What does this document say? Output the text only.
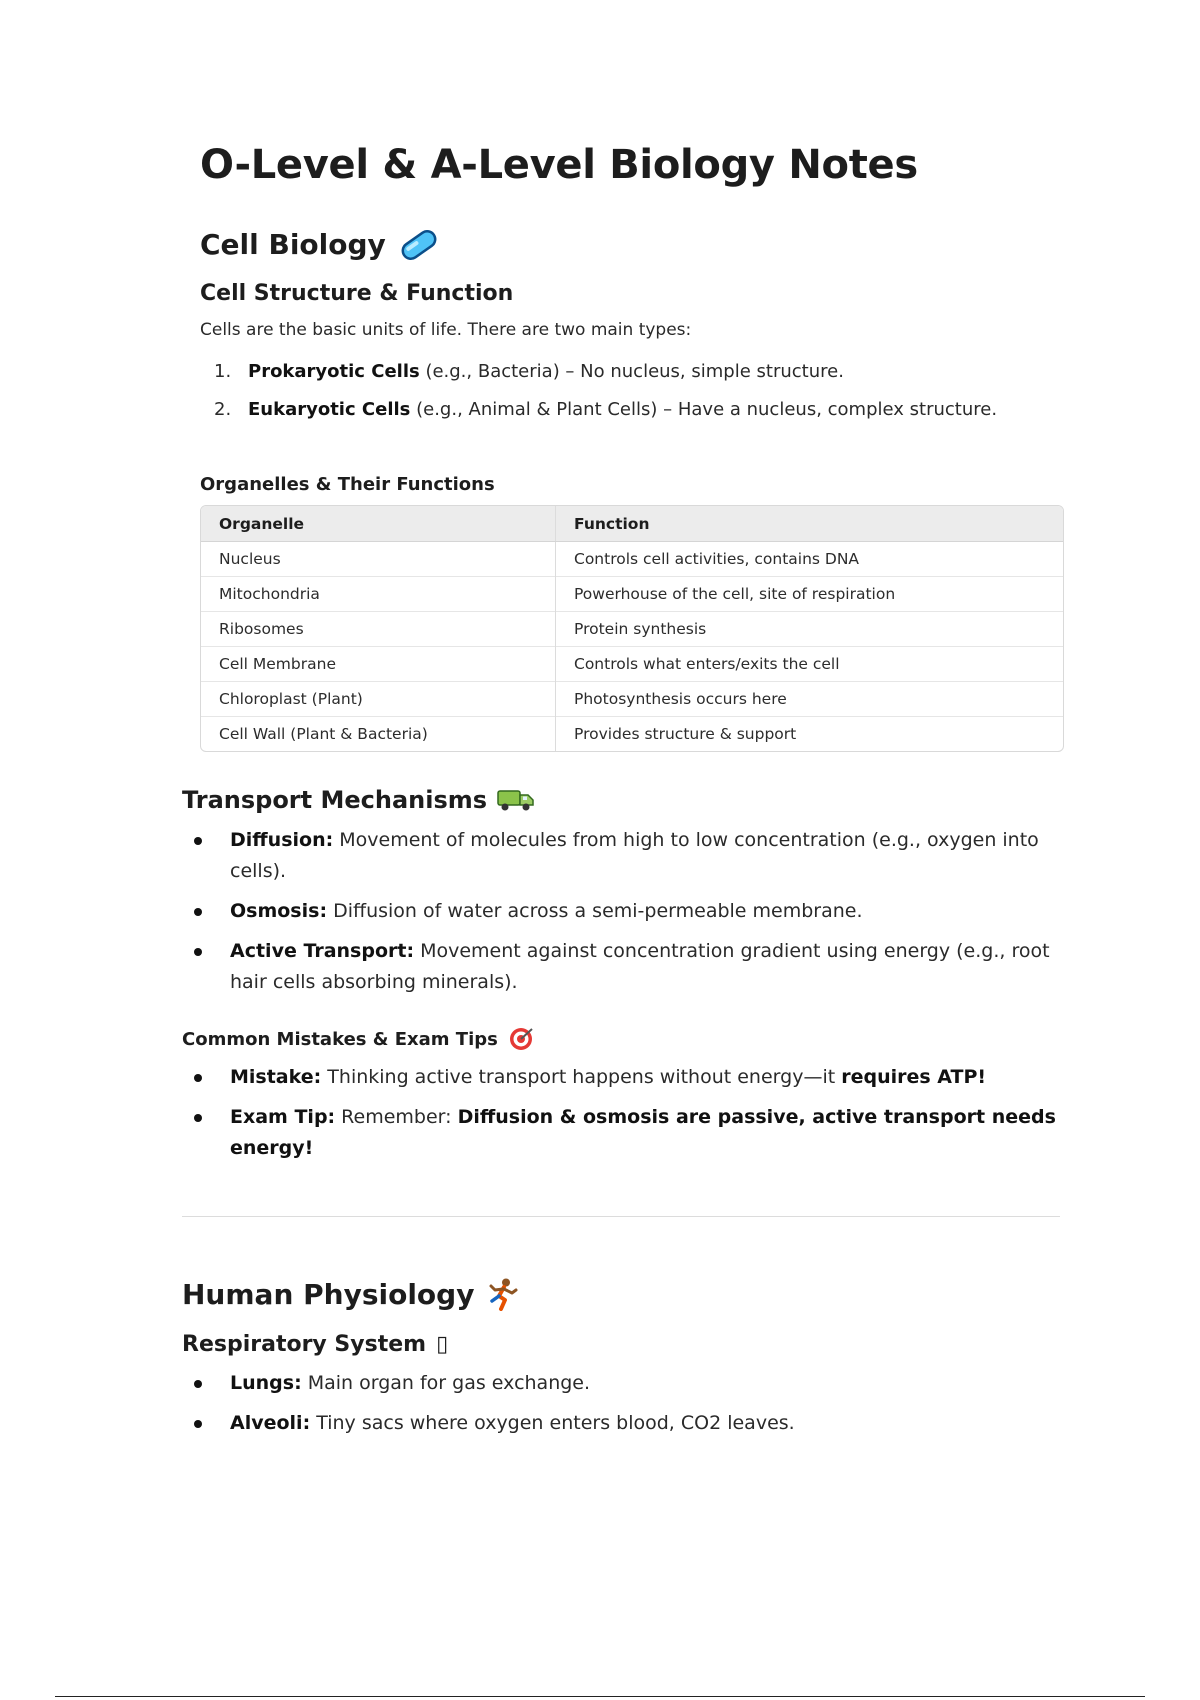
O-Level & A-Level Biology Notes
Cell Biology
Cell Structure & Function

Cells are the basic units of life. There are two main types:

1. Prokaryotic Cells (e.g., Bacteria) – No nucleus, simple structure.
2. Eukaryotic Cells (e.g., Animal & Plant Cells) – Have a nucleus, complex structure.
Organelles & Their Functions
Organelle	Function
Nucleus	Controls cell activities, contains DNA
Mitochondria	Powerhouse of the cell, site of respiration
Ribosomes	Protein synthesis
Cell Membrane	Controls what enters/exits the cell
Chloroplast (Plant)	Photosynthesis occurs here
Cell Wall (Plant & Bacteria)	Provides structure & support
Transport Mechanisms
Diffusion: Movement of molecules from high to low concentration (e.g., oxygen into cells).
Osmosis: Diffusion of water across a semi-permeable membrane.
Active Transport: Movement against concentration gradient using energy (e.g., root hair cells absorbing minerals).
Common Mistakes & Exam Tips
Mistake: Thinking active transport happens without energy—it requires ATP!
Exam Tip: Remember: Diffusion & osmosis are passive, active transport needs energy!
Human Physiology
Respiratory System ▯
Lungs: Main organ for gas exchange.
Alveoli: Tiny sacs where oxygen enters blood, CO2 leaves.
